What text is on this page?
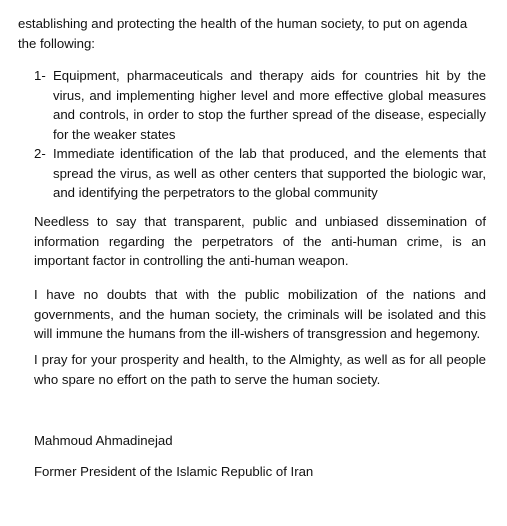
establishing and protecting the health of the human society, to put on agenda the following:
1- Equipment, pharmaceuticals and therapy aids for countries hit by the virus, and implementing higher level and more effective global measures and controls, in order to stop the further spread of the disease, especially for the weaker states
2- Immediate identification of the lab that produced, and the elements that spread the virus, as well as other centers that supported the biologic war, and identifying the perpetrators to the global community

Needless to say that transparent, public and unbiased dissemination of information regarding the perpetrators of the anti-human crime, is an important factor in controlling the anti-human weapon.

I have no doubts that with the public mobilization of the nations and governments, and the human society, the criminals will be isolated and this will immune the humans from the ill-wishers of transgression and hegemony.

I pray for your prosperity and health, to the Almighty, as well as for all people who spare no effort on the path to serve the human society.

Mahmoud Ahmadinejad
Former President of the Islamic Republic of Iran
